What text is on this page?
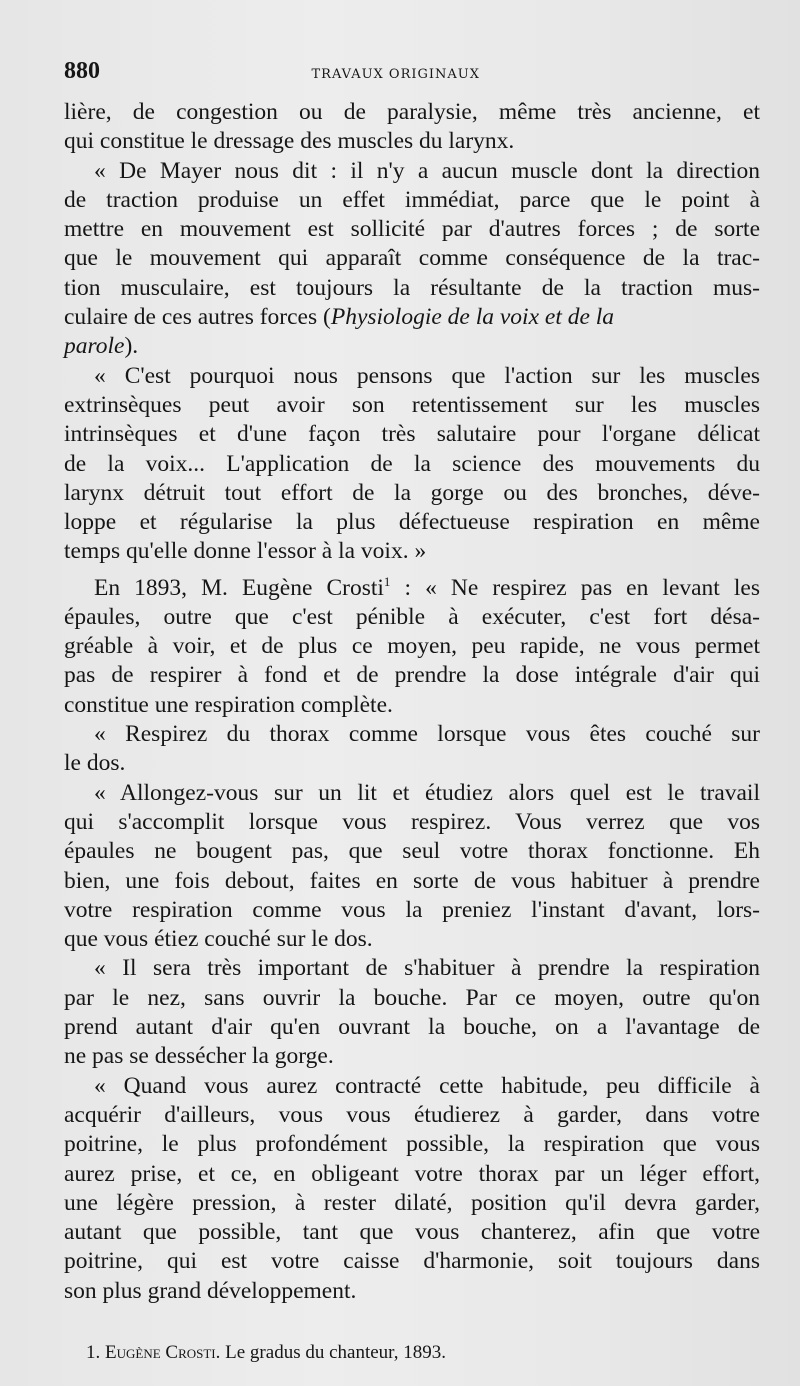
880	TRAVAUX ORIGINAUX
lière, de congestion ou de paralysie, même très ancienne, et
qui constitue le dressage des muscles du larynx.
« De Mayer nous dit : il n'y a aucun muscle dont la direction
de traction produise un effet immédiat, parce que le point à
mettre en mouvement est sollicité par d'autres forces ; de sorte
que le mouvement qui apparaît comme conséquence de la trac-
tion musculaire, est toujours la résultante de la traction mus-
culaire de ces autres forces (Physiologie de la voix et de la
parole).
« C'est pourquoi nous pensons que l'action sur les muscles
extrinsèques peut avoir son retentissement sur les muscles
intrinsèques et d'une façon très salutaire pour l'organe délicat
de la voix... L'application de la science des mouvements du
larynx détruit tout effort de la gorge ou des bronches, déve-
loppe et régularise la plus défectueuse respiration en même
temps qu'elle donne l'essor à la voix. »
En 1893, M. Eugène Crosti$^1$ : « Ne respirez pas en levant les
épaules, outre que c'est pénible à exécuter, c'est fort désa-
gréable à voir, et de plus ce moyen, peu rapide, ne vous permet
pas de respirer à fond et de prendre la dose intégrale d'air qui
constitue une respiration complète.
« Respirez du thorax comme lorsque vous êtes couché sur
le dos.
« Allongez-vous sur un lit et étudiez alors quel est le travail
qui s'accomplit lorsque vous respirez. Vous verrez que vos
épaules ne bougent pas, que seul votre thorax fonctionne. Eh
bien, une fois debout, faites en sorte de vous habituer à prendre
votre respiration comme vous la preniez l'instant d'avant, lors-
que vous étiez couché sur le dos.
« Il sera très important de s'habituer à prendre la respiration
par le nez, sans ouvrir la bouche. Par ce moyen, outre qu'on
prend autant d'air qu'en ouvrant la bouche, on a l'avantage de
ne pas se dessécher la gorge.
« Quand vous aurez contracté cette habitude, peu difficile à
acquérir d'ailleurs, vous vous étudierez à garder, dans votre
poitrine, le plus profondément possible, la respiration que vous
aurez prise, et ce, en obligeant votre thorax par un léger effort,
une légère pression, à rester dilaté, position qu'il devra garder,
autant que possible, tant que vous chanterez, afin que votre
poitrine, qui est votre caisse d'harmonie, soit toujours dans
son plus grand développement.
1. Eugène Crosti. Le gradus du chanteur, 1893.
